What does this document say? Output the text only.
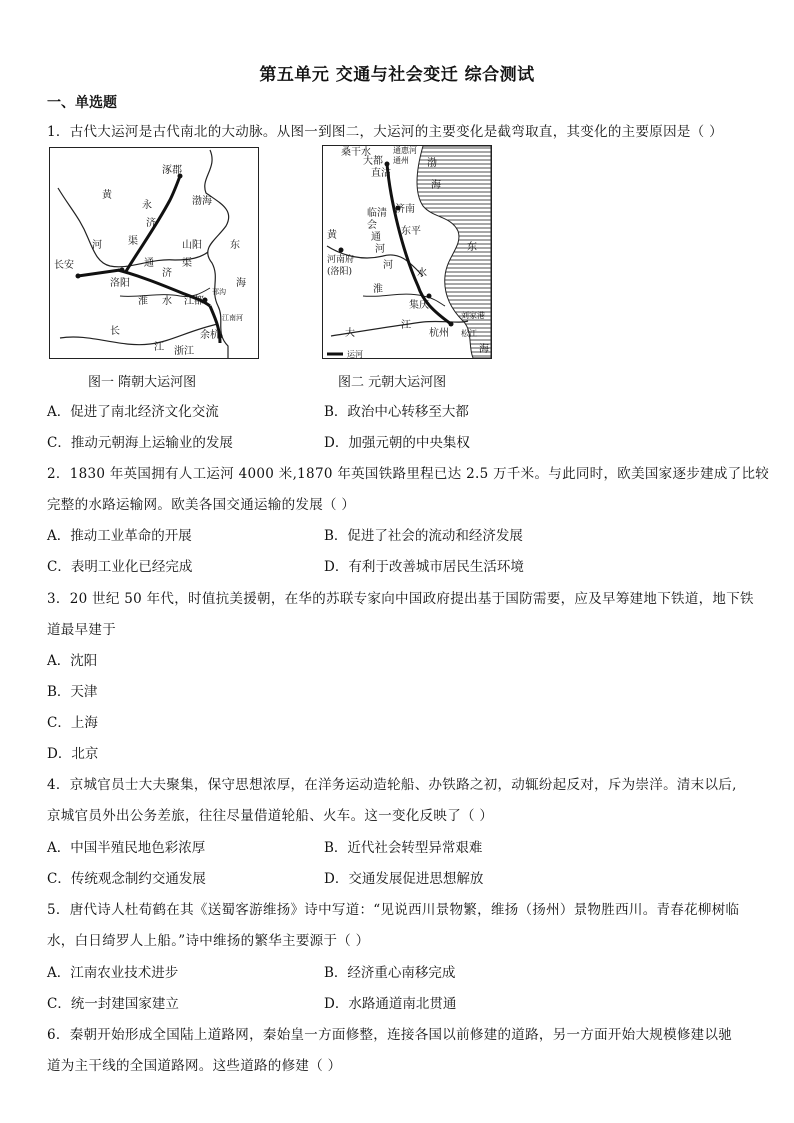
第五单元 交通与社会变迁 综合测试
一、单选题
1．古代大运河是古代南北的大动脉。从图一到图二，大运河的主要变化是截弯取直，其变化的主要原因是（ ）
涿郡
黄
永
济
渠
河
渤海
长安
洛阳
通
济
渠
山阳
淮 水 江都
东
海
长
江
余杭
浙江
邗沟
江南河
图一 隋朝大运河图
桑干水
大都
通惠河
通州
直沽
渤
海
济南
临清
会
通
河
东平
黄
河南府
(洛阳)
河
东
淮
水
集庆
大
江
杭州 松江
刘家港
海
运河
图二 元朝大运河图
A．促进了南北经济文化交流	B．政治中心转移至大都
C．推动元朝海上运输业的发展	D．加强元朝的中央集权
2．1830 年英国拥有人工运河 4000 米,1870 年英国铁路里程已达 2.5 万千米。与此同时，欧美国家逐步建成了比较
完整的水路运输网。欧美各国交通运输的发展（ ）
A．推动工业革命的开展	B．促进了社会的流动和经济发展
C．表明工业化已经完成	D．有利于改善城市居民生活环境
3．20 世纪 50 年代，时值抗美援朝，在华的苏联专家向中国政府提出基于国防需要，应及早筹建地下铁道，地下铁
道最早建于
A．沈阳
B．天津
C．上海
D．北京
4．京城官员士大夫聚集，保守思想浓厚，在洋务运动造轮船、办铁路之初，动辄纷起反对，斥为崇洋。清末以后,
京城官员外出公务差旅，往往尽量借道轮船、火车。这一变化反映了（ ）
A．中国半殖民地色彩浓厚	B．近代社会转型异常艰难
C．传统观念制约交通发展	D．交通发展促进思想解放
5．唐代诗人杜荀鹤在其《送蜀客游维扬》诗中写道：“见说西川景物繁，维扬（扬州）景物胜西川。青春花柳树临
水，白日绮罗人上船。”诗中维扬的繁华主要源于（ ）
A．江南农业技术进步	B．经济重心南移完成
C．统一封建国家建立	D．水路通道南北贯通
6．秦朝开始形成全国陆上道路网，秦始皇一方面修整，连接各国以前修建的道路，另一方面开始大规模修建以驰
道为主干线的全国道路网。这些道路的修建（ ）
